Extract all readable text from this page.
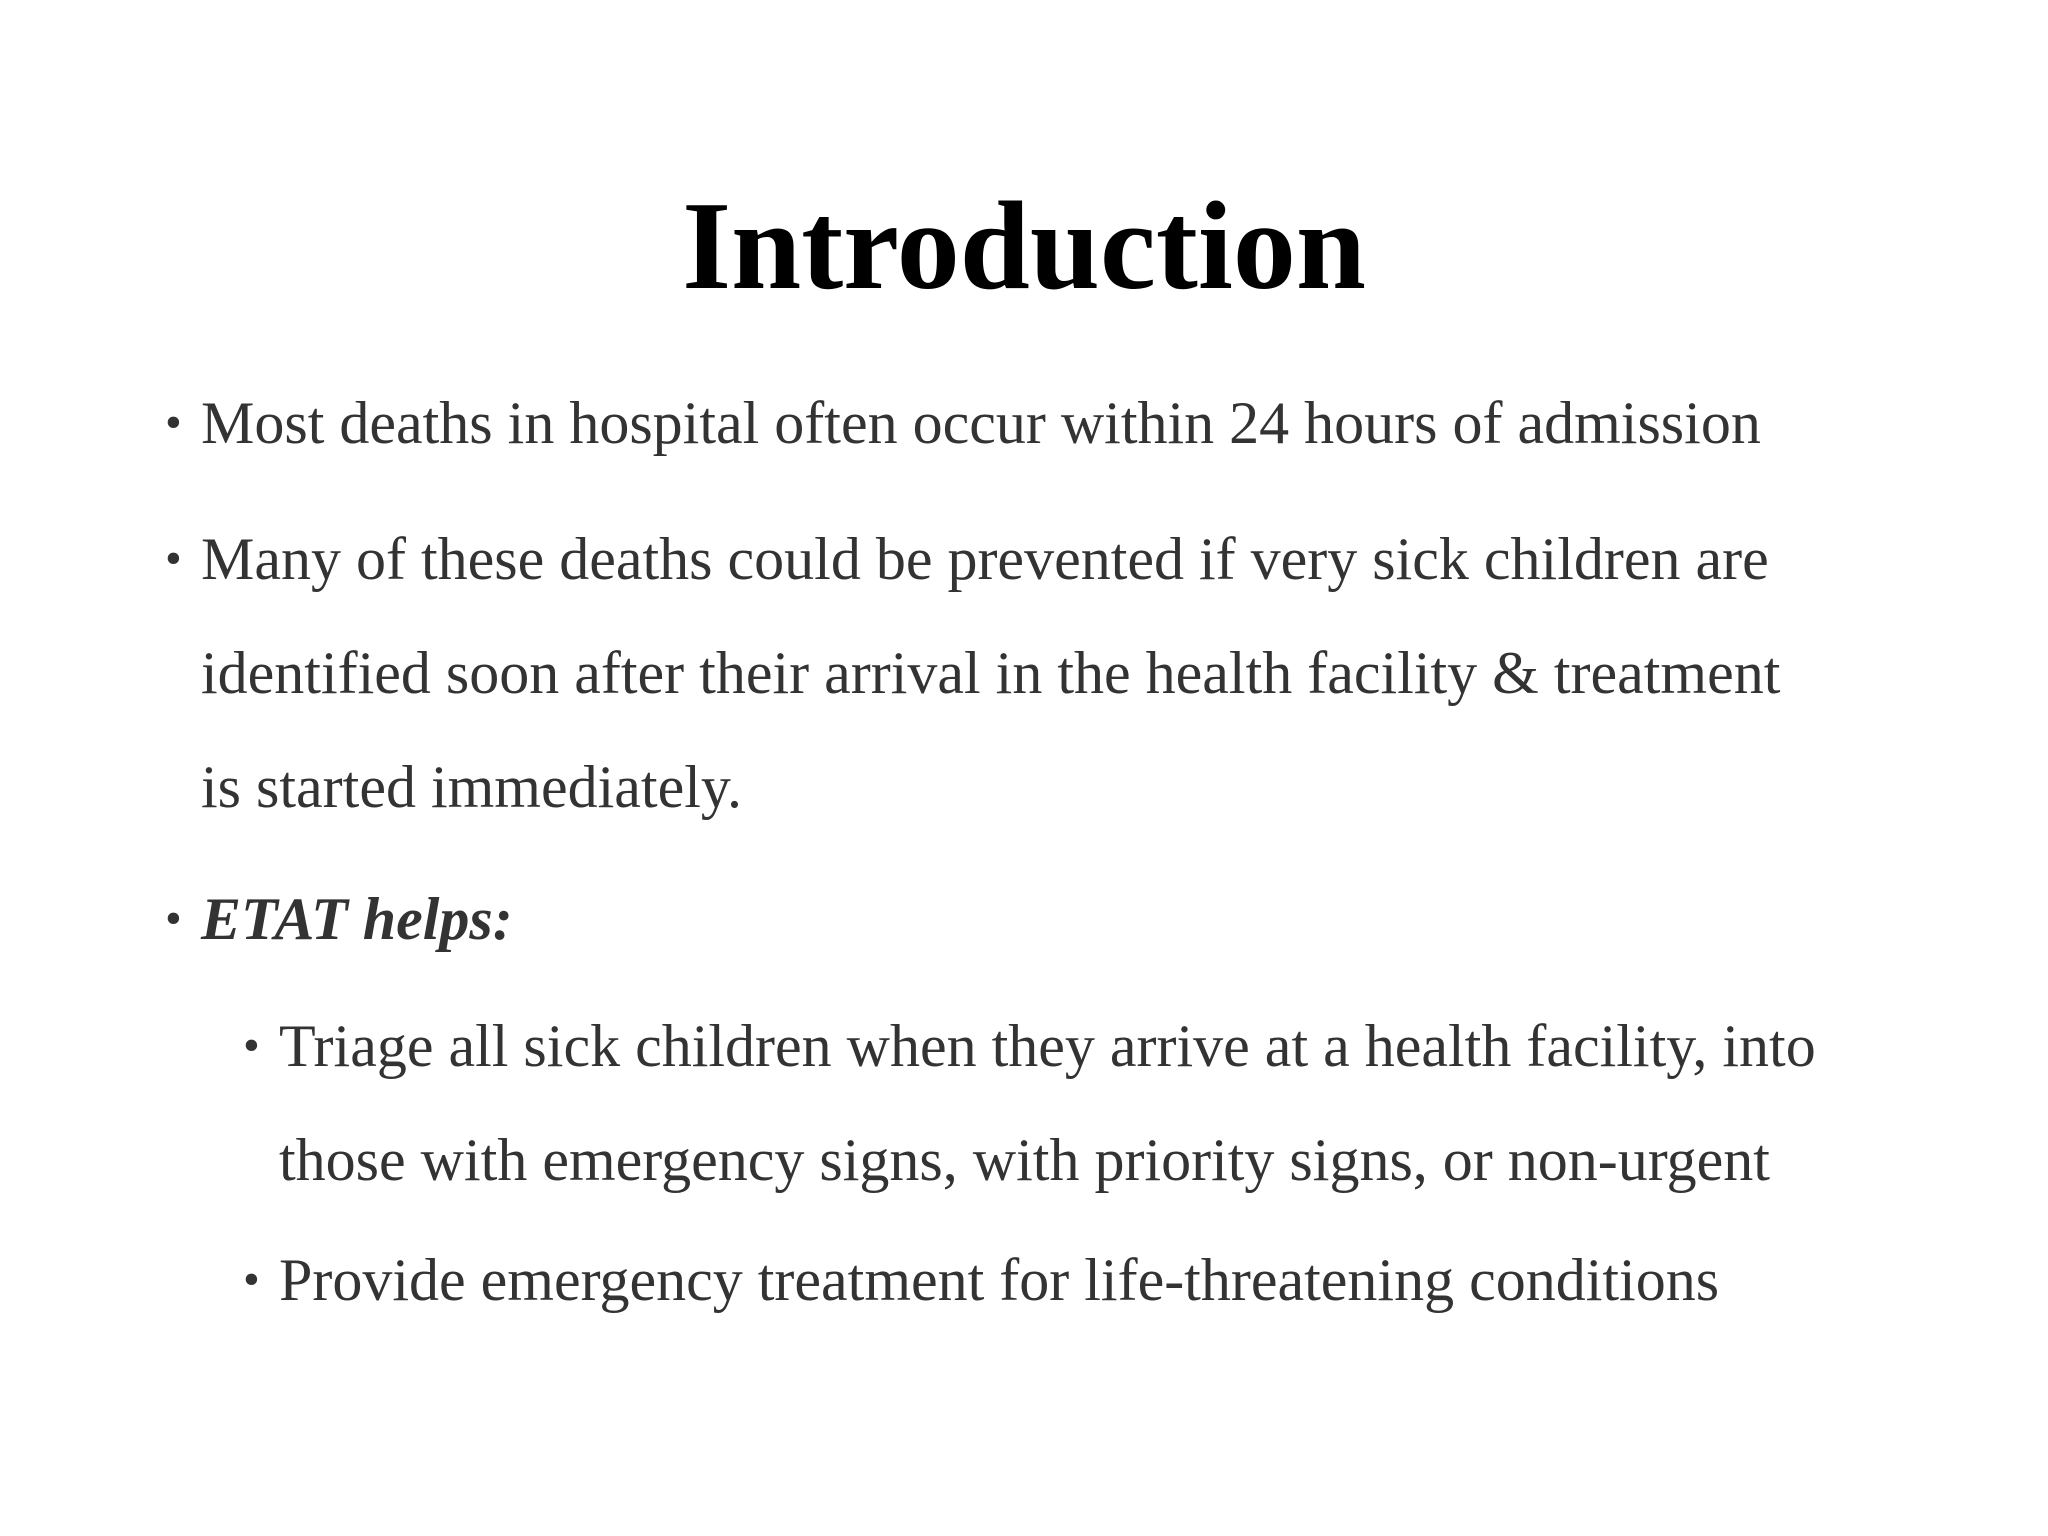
Introduction
• Most deaths in hospital often occur within 24 hours of admission
• Many of these deaths could be prevented if very sick children are
identified soon after their arrival in the health facility & treatment
is started immediately.
• ETAT helps:
• Triage all sick children when they arrive at a health facility, into
those with emergency signs, with priority signs, or non-urgent
• Provide emergency treatment for life-threatening conditions
